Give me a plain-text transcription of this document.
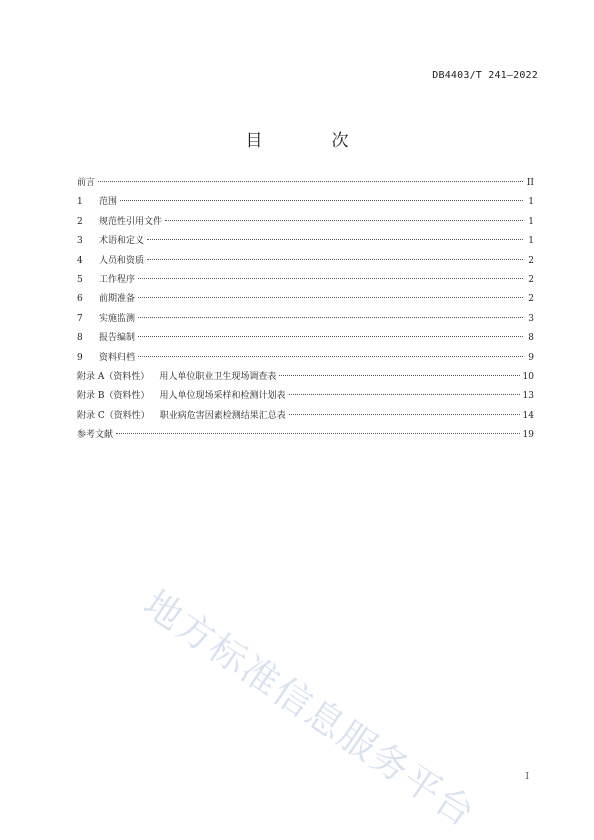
DB4403/T 241—2022
目　次
前言	II
1	范围	1
2	规范性引用文件	1
3	术语和定义	1
4	人员和资质	2
5	工作程序	2
6	前期准备	2
7	实施监测	3
8	报告编制	8
9	资料归档	9
附录 A（资料性）	用人单位职业卫生现场调查表	10
附录 B（资料性）	用人单位现场采样和检测计划表	13
附录 C（资料性）	职业病危害因素检测结果汇总表	14
参考文献	19
地方标准信息服务平台	I
